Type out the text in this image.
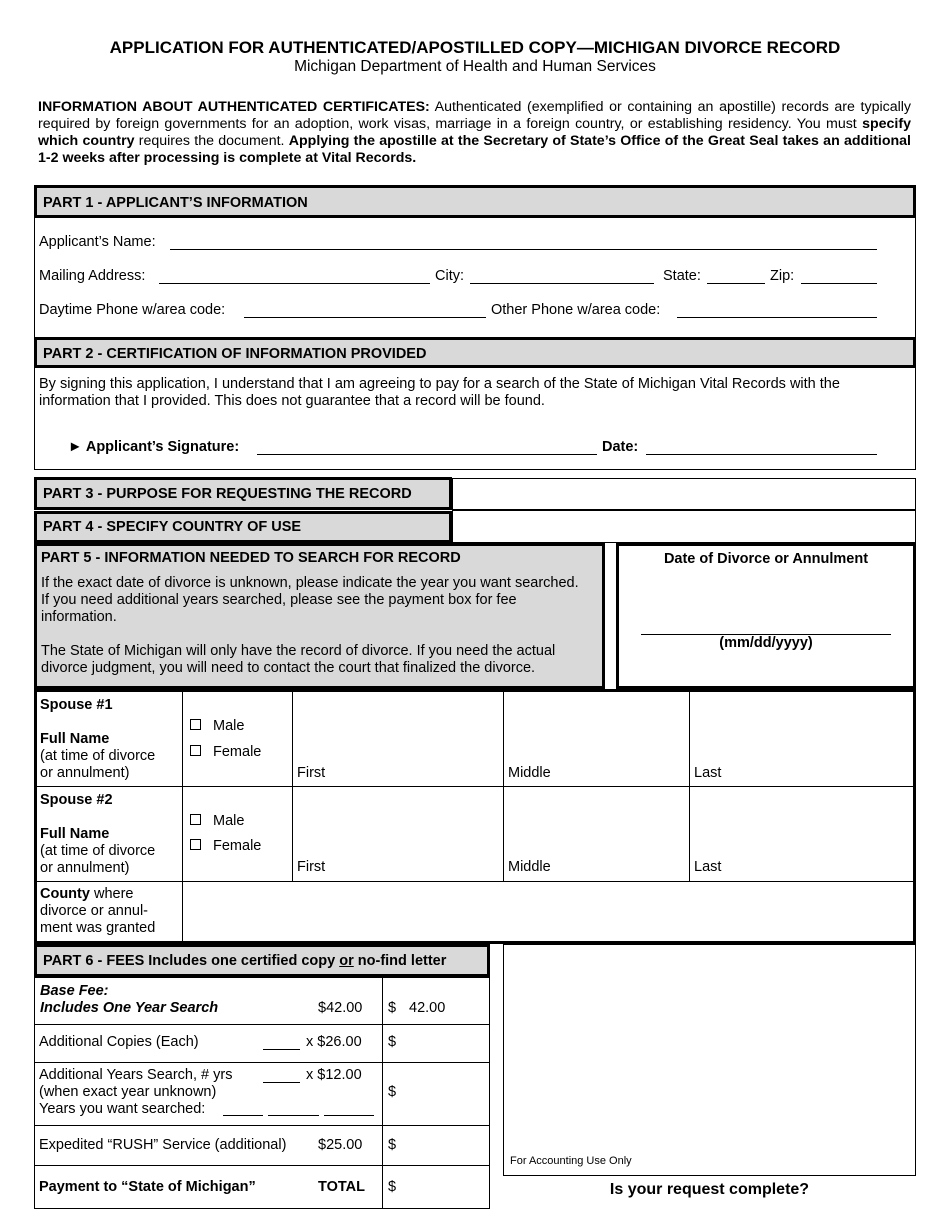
APPLICATION FOR AUTHENTICATED/APOSTILLED COPY—MICHIGAN DIVORCE RECORD
Michigan Department of Health and Human Services
INFORMATION ABOUT AUTHENTICATED CERTIFICATES: Authenticated (exemplified or containing an apostille) records are typically required by foreign governments for an adoption, work visas, marriage in a foreign country, or establishing residency. You must specify which country requires the document. Applying the apostille at the Secretary of State’s Office of the Great Seal takes an additional 1-2 weeks after processing is complete at Vital Records.
PART 1 - APPLICANT’S INFORMATION
Applicant’s Name:
Mailing Address:	City:	State:	Zip:
Daytime Phone w/area code:	Other Phone w/area code:
PART 2 - CERTIFICATION OF INFORMATION PROVIDED
By signing this application, I understand that I am agreeing to pay for a search of the State of Michigan Vital Records with the information that I provided. This does not guarantee that a record will be found.
► Applicant’s Signature:	Date:
PART 3 - PURPOSE FOR REQUESTING THE RECORD
PART 4 - SPECIFY COUNTRY OF USE
PART 5 - INFORMATION NEEDED TO SEARCH FOR RECORD
If the exact date of divorce is unknown, please indicate the year you want searched. If you need additional years searched, please see the payment box for fee information.
The State of Michigan will only have the record of divorce. If you need the actual divorce judgment, you will need to contact the court that finalized the divorce.
Date of Divorce or Annulment
(mm/dd/yyyy)
Spouse #1
Full Name
(at time of divorce
or annulment)
Male
Female
First	Middle	Last
Spouse #2
Full Name
(at time of divorce
or annulment)
Male
Female
First	Middle	Last
County where
divorce or annul-
ment was granted
PART 6 - FEES Includes one certified copy or no-find letter
Base Fee:
Includes One Year Search	$42.00 $ 42.00
Additional Copies (Each)	x $26.00 $
Additional Years Search, # yrs
(when exact year unknown)
Years you want searched:
x $12.00
$
Expedited “RUSH” Service (additional) $25.00 $
Payment to “State of Michigan”	TOTAL $
For Accounting Use Only
Is your request complete?
